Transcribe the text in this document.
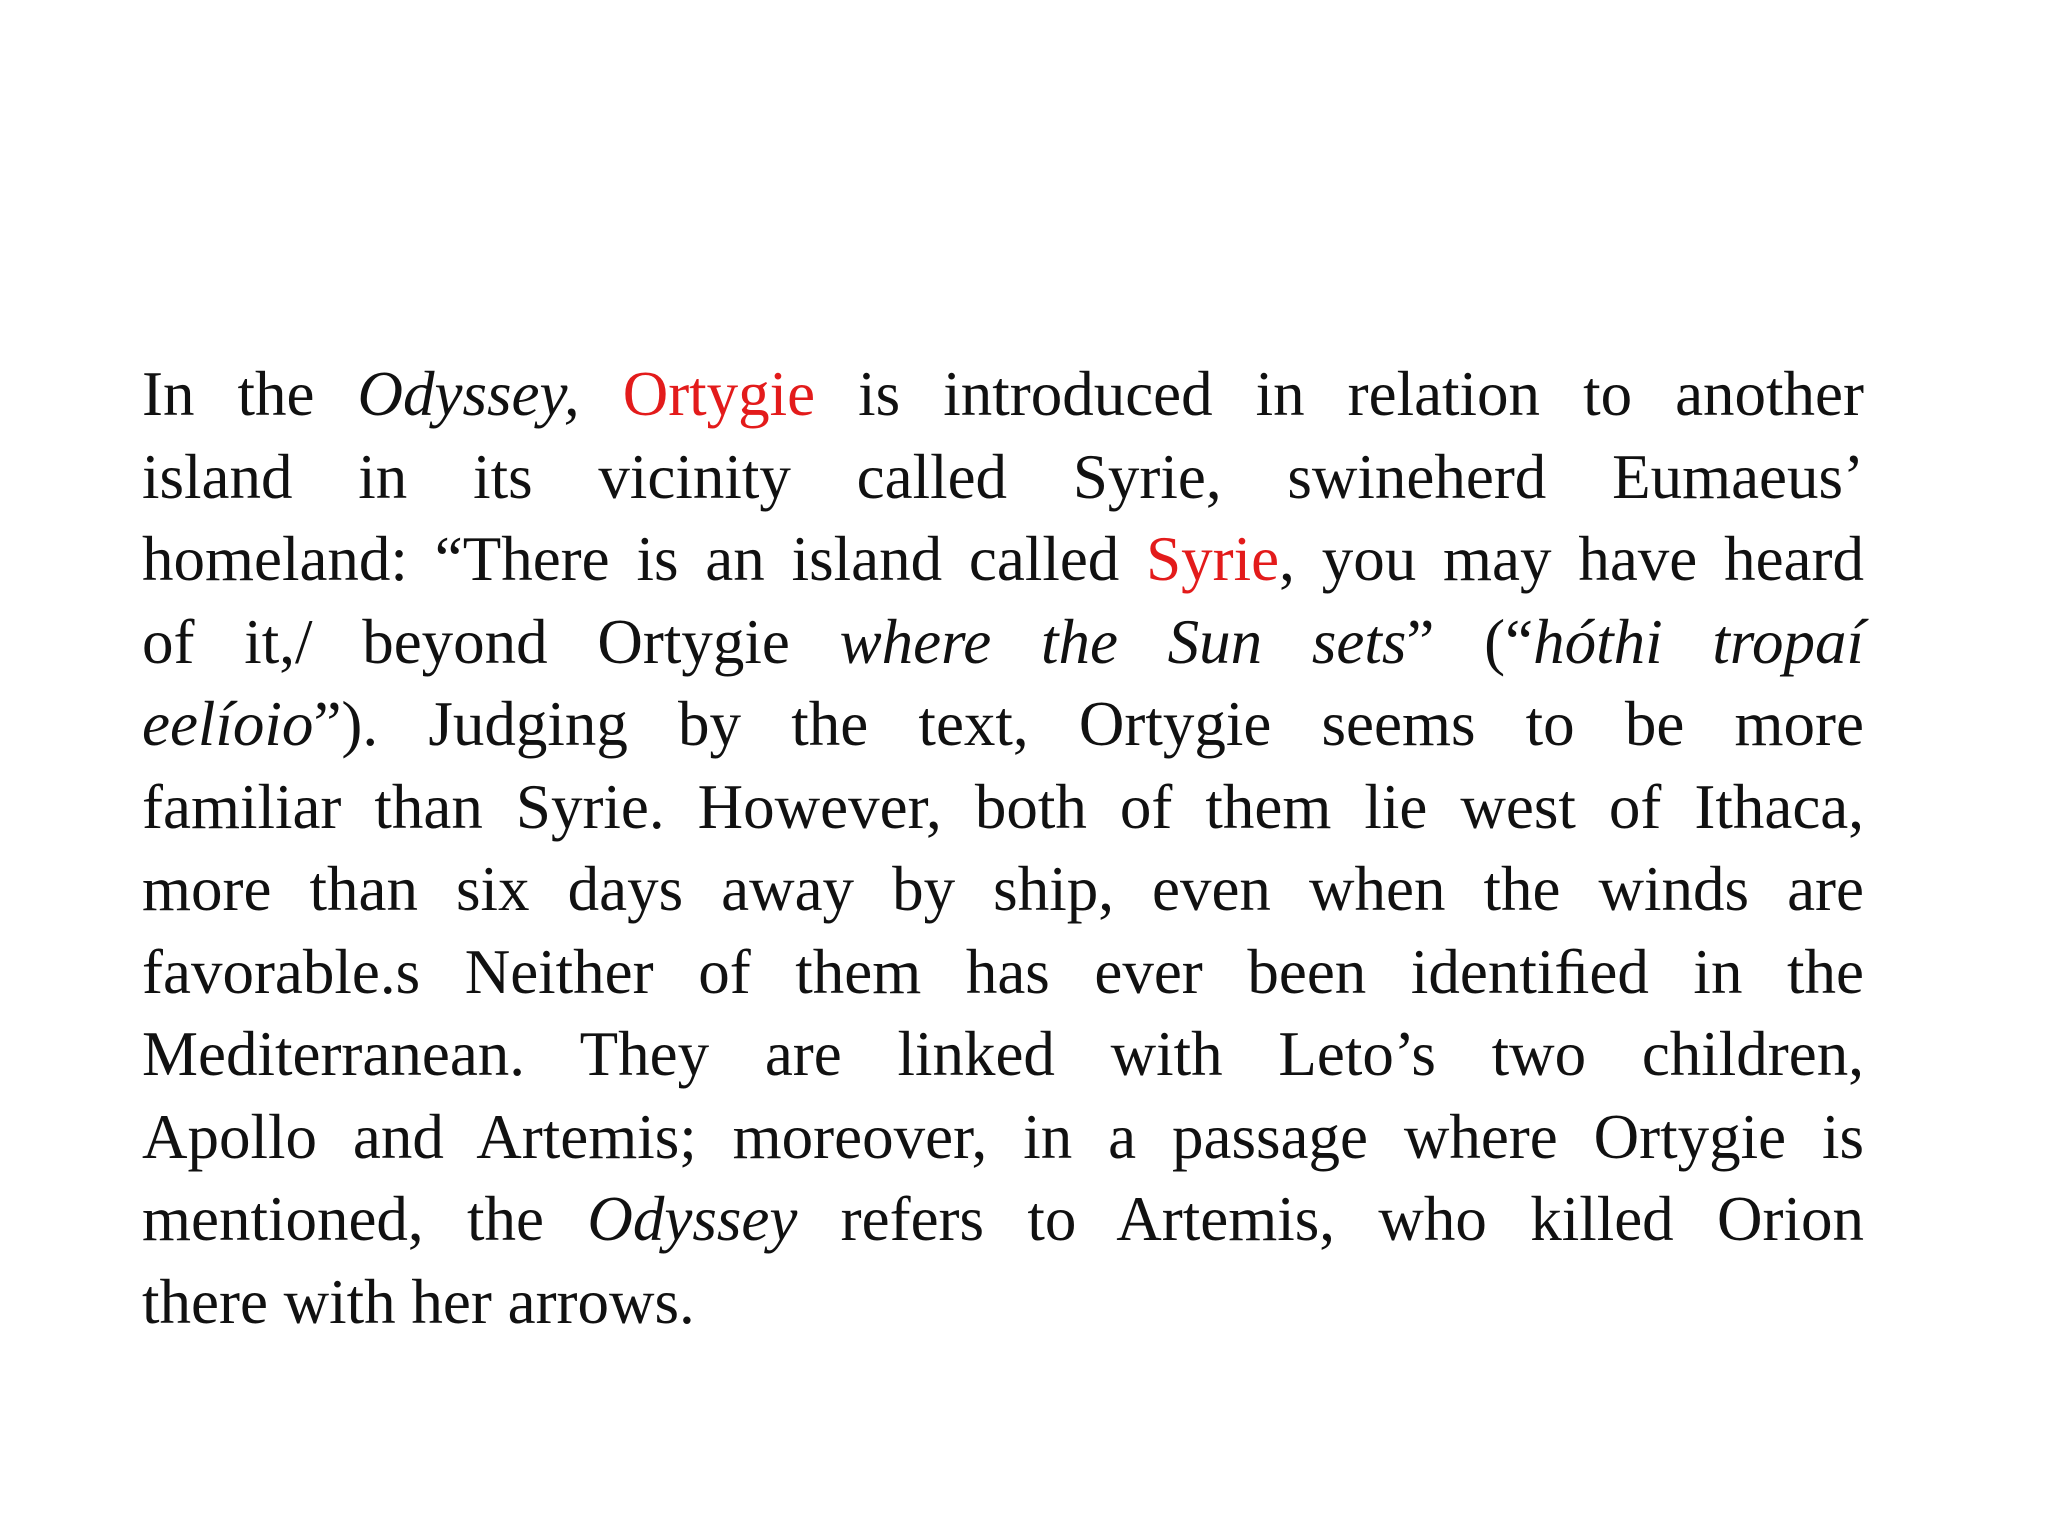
In the Odyssey, Ortygie is introduced in relation to another
island in its vicinity called Syrie, swineherd Eumaeus’
homeland: “There is an island called Syrie, you may have heard
of it,/ beyond Ortygie where the Sun sets” (“hóthi tropaí
eelíoio”). Judging by the text, Ortygie seems to be more
familiar than Syrie. However, both of them lie west of Ithaca,
more than six days away by ship, even when the winds are
favorable.s Neither of them has ever been identiﬁed in the
Mediterranean. They are linked with Leto’s two children,
Apollo and Artemis; moreover, in a passage where Ortygie is
mentioned, the Odyssey refers to Artemis, who killed Orion
there with her arrows.
